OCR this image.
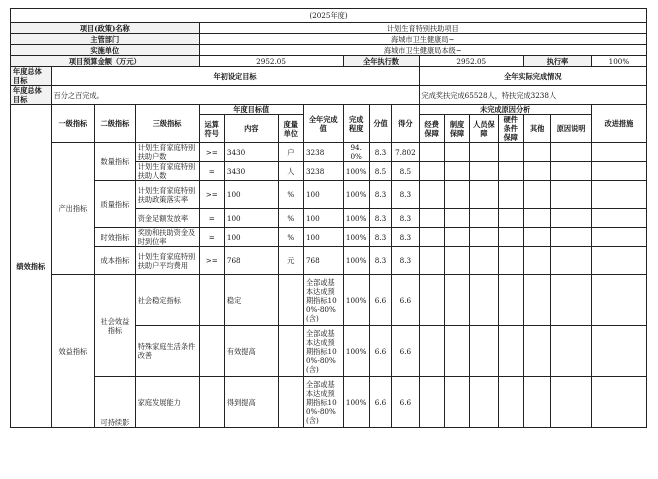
(2025年度)																	
项目(政策)名称				计划生育特别扶助项目													
主管部门				海城市卫生健康局~													
实施单位				海城市卫生健康局本级~													
项目预算金额（万元）				2952.05				全年执行数			2952.05				执行率		100%
年度总体目标	年初设定目标										全年实际完成情况						
年度总体目标	百分之百完成。										完成奖扶完成65528人，特扶完成3238人						
绩效指标	一级指标	二级指标	三级指标	年度目标值			全年完成值	完成程度	分值	得分	未完成原因分析						改进措施
				运算符号	内容	度量单位					经费保障	制度保障	人员保障	硬件条件保障	其他	原因说明	

	产出指标	数量指标	计划生育家庭特别扶助户数	>=	3430	户	3238	94.0%	8.3	7.802							
			计划生育家庭特别扶助人数	=	3430	人	3238	100%	8.5	8.5							
		质量指标	计划生育家庭特别扶助政策落实率	>=	100	%	100	100%	8.3	8.3							
			资金足额发放率	=	100	%	100	100%	8.3	8.3							
		时效指标	奖励和扶助资金及时到位率	=	100	%	100	100%	8.3	8.3							
		成本指标	计划生育家庭特别扶助户平均费用	>=	768	元	768	100%	8.3	8.3							
	效益指标	社会效益指标	社会稳定指标		稳定		全部或基本达成预期指标100%-80%(含)	100%	6.6	6.6							
			特殊家庭生活条件改善		有效提高		全部或基本达成预期指标100%-80%(含)	100%	6.6	6.6							
		可持续影	家庭发展能力		得到提高		全部或基本达成预期指标100%-80%(含)	100%	6.6	6.6							
